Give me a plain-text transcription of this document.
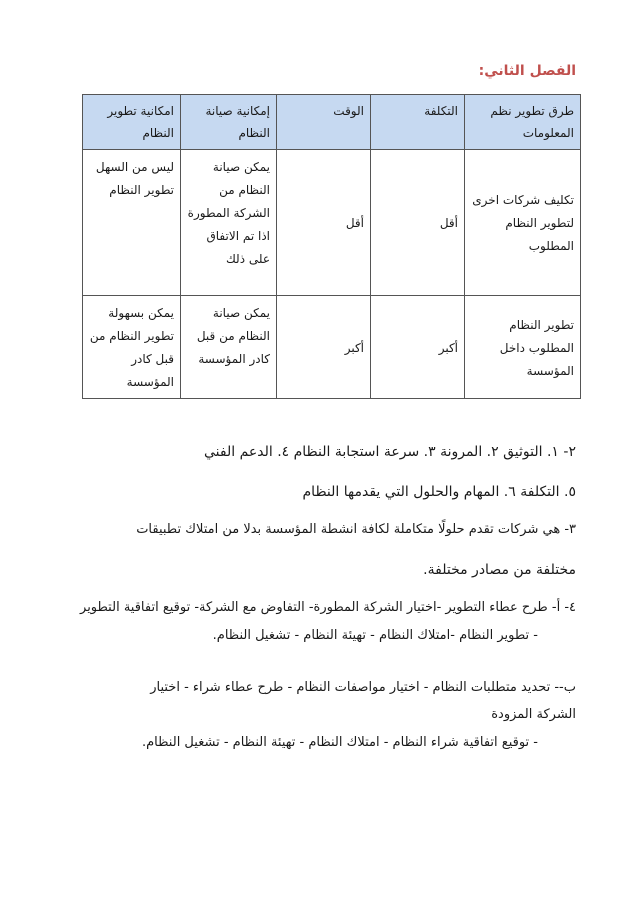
الفصل الثاني:
طرق تطوير نظم المعلومات	التكلفة	الوقت	إمكانية صيانة النظام	امكانية تطوير النظام
تكليف شركات اخرى لتطوير النظام المطلوب	أقل	أقل	يمكن صيانة النظام من الشركة المطورة اذا تم الاتفاق على ذلك	ليس من السهل تطوير النظام
تطوير النظام المطلوب داخل المؤسسة	أكبر	أكبر	يمكن صيانة النظام من قبل كادر المؤسسة	يمكن بسهولة تطوير النظام من قبل كادر المؤسسة
٢- ١. التوثيق ٢. المرونة ٣. سرعة استجابة النظام ٤. الدعم الفني
٥. التكلفة ٦. المهام والحلول التي يقدمها النظام
٣- هي شركات تقدم حلولًا متكاملة لكافة انشطة المؤسسة بدلا من امتلاك تطبيقات
مختلفة من مصادر مختلفة.
٤- أ- طرح عطاء التطوير -اختيار الشركة المطورة- التفاوض مع الشركة- توقيع اتفاقية التطوير
- تطوير النظام -امتلاك النظام - تهيئة النظام - تشغيل النظام.
ب-- تحديد متطلبات النظام - اختيار مواصفات النظام - طرح عطاء شراء - اختيار
الشركة المزودة
- توقيع اتفاقية شراء النظام - امتلاك النظام - تهيئة النظام - تشغيل النظام.
